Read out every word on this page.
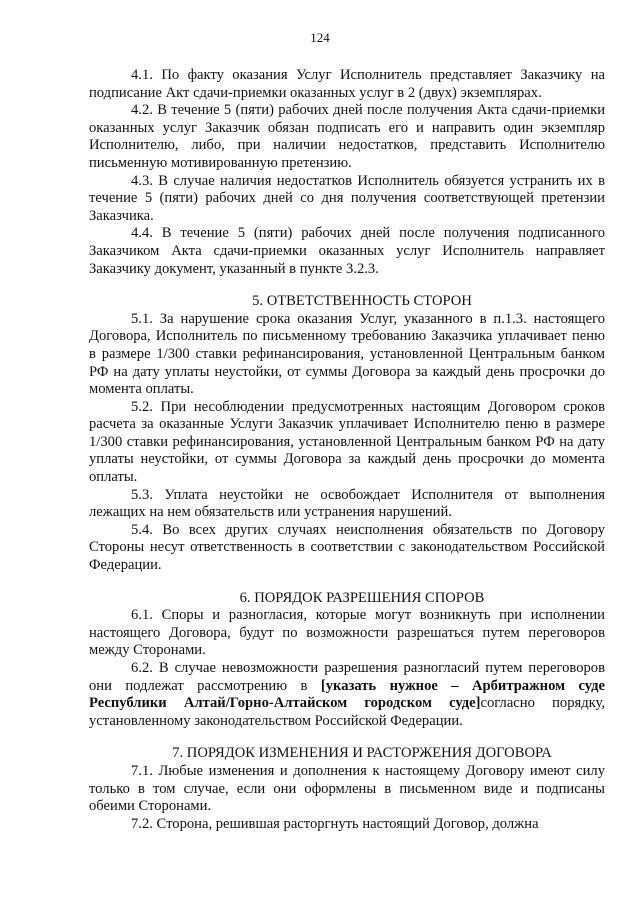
124

4.1. По факту оказания Услуг Исполнитель представляет Заказчику на подписание Акт сдачи-приемки оказанных услуг в 2 (двух) экземплярах.

4.2. В течение 5 (пяти) рабочих дней после получения Акта сдачи-приемки оказанных услуг Заказчик обязан подписать его и направить один экземпляр Исполнителю, либо, при наличии недостатков, представить Исполнителю письменную мотивированную претензию.

4.3. В случае наличия недостатков Исполнитель обязуется устранить их в течение 5 (пяти) рабочих дней со дня получения соответствующей претензии Заказчика.

4.4. В течение 5 (пяти) рабочих дней после получения подписанного Заказчиком Акта сдачи-приемки оказанных услуг Исполнитель направляет Заказчику документ, указанный в пункте 3.2.3.

5. ОТВЕТСТВЕННОСТЬ СТОРОН

5.1. За нарушение срока оказания Услуг, указанного в п.1.3. настоящего Договора, Исполнитель по письменному требованию Заказчика уплачивает пеню в размере 1/300 ставки рефинансирования, установленной Центральным банком РФ на дату уплаты неустойки, от суммы Договора за каждый день просрочки до момента оплаты.

5.2. При несоблюдении предусмотренных настоящим Договором сроков расчета за оказанные Услуги Заказчик уплачивает Исполнителю пеню в размере 1/300 ставки рефинансирования, установленной Центральным банком РФ на дату уплаты неустойки, от суммы Договора за каждый день просрочки до момента оплаты.

5.3. Уплата неустойки не освобождает Исполнителя от выполнения лежащих на нем обязательств или устранения нарушений.

5.4. Во всех других случаях неисполнения обязательств по Договору Стороны несут ответственность в соответствии с законодательством Российской Федерации.

6. ПОРЯДОК РАЗРЕШЕНИЯ СПОРОВ

6.1. Споры и разногласия, которые могут возникнуть при исполнении настоящего Договора, будут по возможности разрешаться путем переговоров между Сторонами.

6.2. В случае невозможности разрешения разногласий путем переговоров они подлежат рассмотрению в [указать нужное – Арбитражном суде Республики Алтай/Горно-Алтайском городском суде]согласно порядку, установленному законодательством Российской Федерации.

7. ПОРЯДОК ИЗМЕНЕНИЯ И РАСТОРЖЕНИЯ ДОГОВОРА

7.1. Любые изменения и дополнения к настоящему Договору имеют силу только в том случае, если они оформлены в письменном виде и подписаны обеими Сторонами.

7.2. Сторона, решившая расторгнуть настоящий Договор, должна
